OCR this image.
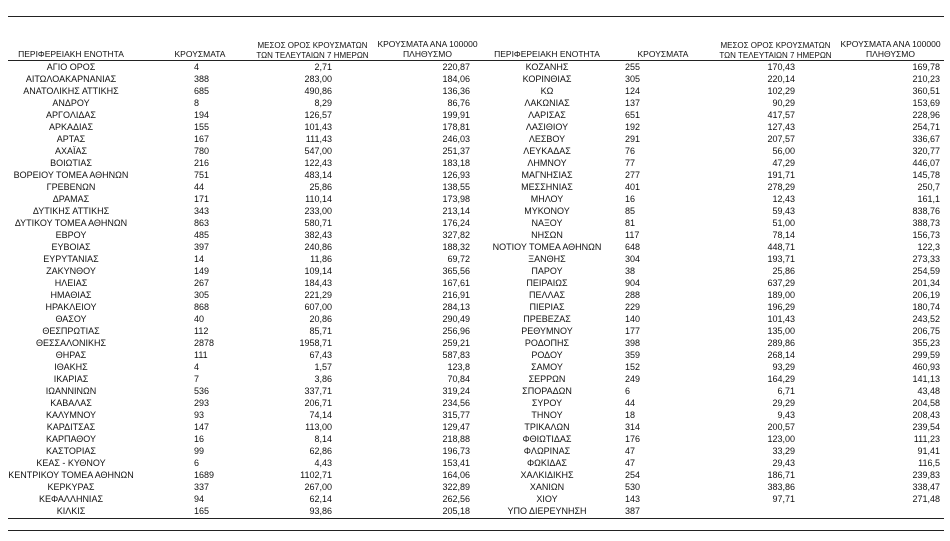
ΠΕΡΙΦΕΡΕΙΑΚΗ ΕΝΟΤΗΤΑ	ΚΡΟΥΣΜΑΤΑ
ΜΕΣΟΣ ΟΡΟΣ ΚΡΟΥΣΜΑΤΩΝ
ΤΩΝ ΤΕΛΕΥΤΑΙΩΝ 7 ΗΜΕΡΩΝ
ΚΡΟΥΣΜΑΤΑ ΑΝΑ 100000
ΠΛΗΘΥΣΜΟ
ΑΓΙΟ ΟΡΟΣ	4	2,71	220,87
ΑΙΤΩΛΟΑΚΑΡΝΑΝΙΑΣ	388	283,00	184,06
ΑΝΑΤΟΛΙΚΗΣ ΑΤΤΙΚΗΣ	685	490,86	136,36
ΑΝΔΡΟΥ	8	8,29	86,76
ΑΡΓΟΛΙΔΑΣ	194	126,57	199,91
ΑΡΚΑΔΙΑΣ	155	101,43	178,81
ΑΡΤΑΣ	167	111,43	246,03
ΑΧΑΪΑΣ	780	547,00	251,37
ΒΟΙΩΤΙΑΣ	216	122,43	183,18
ΒΟΡΕΙΟΥ ΤΟΜΕΑ ΑΘΗΝΩΝ	751	483,14	126,93
ΓΡΕΒΕΝΩΝ	44	25,86	138,55
ΔΡΑΜΑΣ	171	110,14	173,98
ΔΥΤΙΚΗΣ ΑΤΤΙΚΗΣ	343	233,00	213,14
ΔΥΤΙΚΟΥ ΤΟΜΕΑ ΑΘΗΝΩΝ	863	580,71	176,24
ΕΒΡΟΥ	485	382,43	327,82
ΕΥΒΟΙΑΣ	397	240,86	188,32
ΕΥΡΥΤΑΝΙΑΣ	14	11,86	69,72
ΖΑΚΥΝΘΟΥ	149	109,14	365,56
ΗΛΕΙΑΣ	267	184,43	167,61
ΗΜΑΘΙΑΣ	305	221,29	216,91
ΗΡΑΚΛΕΙΟΥ	868	607,00	284,13
ΘΑΣΟΥ	40	20,86	290,49
ΘΕΣΠΡΩΤΙΑΣ	112	85,71	256,96
ΘΕΣΣΑΛΟΝΙΚΗΣ	2878	1958,71	259,21
ΘΗΡΑΣ	111	67,43	587,83
ΙΘΑΚΗΣ	4	1,57	123,8
ΙΚΑΡΙΑΣ	7	3,86	70,84
ΙΩΑΝΝΙΝΩΝ	536	337,71	319,24
ΚΑΒΑΛΑΣ	293	206,71	234,56
ΚΑΛΥΜΝΟΥ	93	74,14	315,77
ΚΑΡΔΙΤΣΑΣ	147	113,00	129,47
ΚΑΡΠΑΘΟΥ	16	8,14	218,88
ΚΑΣΤΟΡΙΑΣ	99	62,86	196,73
ΚΕΑΣ - ΚΥΘΝΟΥ	6	4,43	153,41
ΚΕΝΤΡΙΚΟΥ ΤΟΜΕΑ ΑΘΗΝΩΝ	1689	1102,71	164,06
ΚΕΡΚΥΡΑΣ	337	267,00	322,89
ΚΕΦΑΛΛΗΝΙΑΣ	94	62,14	262,56
ΚΙΛΚΙΣ	165	93,86	205,18
ΠΕΡΙΦΕΡΕΙΑΚΗ ΕΝΟΤΗΤΑ	ΚΡΟΥΣΜΑΤΑ
ΜΕΣΟΣ ΟΡΟΣ ΚΡΟΥΣΜΑΤΩΝ
ΤΩΝ ΤΕΛΕΥΤΑΙΩΝ 7 ΗΜΕΡΩΝ
ΚΡΟΥΣΜΑΤΑ ΑΝΑ 100000
ΠΛΗΘΥΣΜΟ
ΚΟΖΑΝΗΣ	255	170,43	169,78
ΚΟΡΙΝΘΙΑΣ	305	220,14	210,23
ΚΩ	124	102,29	360,51
ΛΑΚΩΝΙΑΣ	137	90,29	153,69
ΛΑΡΙΣΑΣ	651	417,57	228,96
ΛΑΣΙΘΙΟΥ	192	127,43	254,71
ΛΕΣΒΟΥ	291	207,57	336,67
ΛΕΥΚΑΔΑΣ	76	56,00	320,77
ΛΗΜΝΟΥ	77	47,29	446,07
ΜΑΓΝΗΣΙΑΣ	277	191,71	145,78
ΜΕΣΣΗΝΙΑΣ	401	278,29	250,7
ΜΗΛΟΥ	16	12,43	161,1
ΜΥΚΟΝΟΥ	85	59,43	838,76
ΝΑΞΟΥ	81	51,00	388,73
ΝΗΣΩΝ	117	78,14	156,73
ΝΟΤΙΟΥ ΤΟΜΕΑ ΑΘΗΝΩΝ	648	448,71	122,3
ΞΑΝΘΗΣ	304	193,71	273,33
ΠΑΡΟΥ	38	25,86	254,59
ΠΕΙΡΑΙΩΣ	904	637,29	201,34
ΠΕΛΛΑΣ	288	189,00	206,19
ΠΙΕΡΙΑΣ	229	196,29	180,74
ΠΡΕΒΕΖΑΣ	140	101,43	243,52
ΡΕΘΥΜΝΟΥ	177	135,00	206,75
ΡΟΔΟΠΗΣ	398	289,86	355,23
ΡΟΔΟΥ	359	268,14	299,59
ΣΑΜΟΥ	152	93,29	460,93
ΣΕΡΡΩΝ	249	164,29	141,13
ΣΠΟΡΑΔΩΝ	6	6,71	43,48
ΣΥΡΟΥ	44	29,29	204,58
ΤΗΝΟΥ	18	9,43	208,43
ΤΡΙΚΑΛΩΝ	314	200,57	239,54
ΦΘΙΩΤΙΔΑΣ	176	123,00	111,23
ΦΛΩΡΙΝΑΣ	47	33,29	91,41
ΦΩΚΙΔΑΣ	47	29,43	116,5
ΧΑΛΚΙΔΙΚΗΣ	254	186,71	239,83
ΧΑΝΙΩΝ	530	383,86	338,47
ΧΙΟΥ	143	97,71	271,48
ΥΠΟ ΔΙΕΡΕΥΝΗΣΗ	387
